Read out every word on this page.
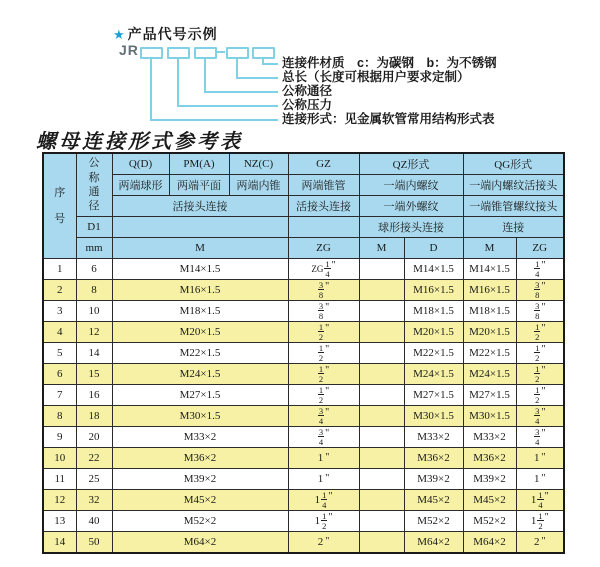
★ 产品代号示例
JR
连接件材质　c：为碳钢　b：为不锈钢
总长（长度可根据用户要求定制）
公称通径
公称压力
连接形式：见金属软管常用结构形式表
螺母连接形式参考表
序号	公称通径	Q(D)	PM(A)	NZ(C)	GZ	QZ形式		QG形式	
		两端球形	两端平面	两端内锥	两端锥管	一端内螺纹		一端内螺纹活接头	
		活接头连接			活接头连接	一端外螺纹		一端锥管螺纹接头	
	D1					球形接头连接		连接	
	mm	M			ZG	M	D	M	ZG
1	6	M14×1.5			ZG $\frac{1}{4}$ "		M14×1.5	M14×1.5	$\frac{1}{4}$ "
2	8	M16×1.5			$\frac{3}{8}$ "		M16×1.5	M16×1.5	$\frac{3}{8}$ "
3	10	M18×1.5			$\frac{3}{8}$ "		M18×1.5	M18×1.5	$\frac{3}{8}$ "
4	12	M20×1.5			$\frac{1}{2}$ "		M20×1.5	M20×1.5	$\frac{1}{2}$ "
5	14	M22×1.5			$\frac{1}{2}$ "		M22×1.5	M22×1.5	$\frac{1}{2}$ "
6	15	M24×1.5			$\frac{1}{2}$ "		M24×1.5	M24×1.5	$\frac{1}{2}$ "
7	16	M27×1.5			$\frac{1}{2}$ "		M27×1.5	M27×1.5	$\frac{1}{2}$ "
8	18	M30×1.5			$\frac{3}{4}$ "		M30×1.5	M30×1.5	$\frac{3}{4}$ "
9	20	M33×2			$\frac{3}{4}$ "		M33×2	M33×2	$\frac{3}{4}$ "
10	22	M36×2			1 "		M36×2	M36×2	1 "
11	25	M39×2			1 "		M39×2	M39×2	1 "
12	32	M45×2			$1 \frac{1}{4}$ "		M45×2	M45×2	$1 \frac{1}{4}$ "
13	40	M52×2			$1 \frac{1}{2}$ "		M52×2	M52×2	$1 \frac{1}{2}$ "
14	50	M64×2			2 "		M64×2	M64×2	2 "
